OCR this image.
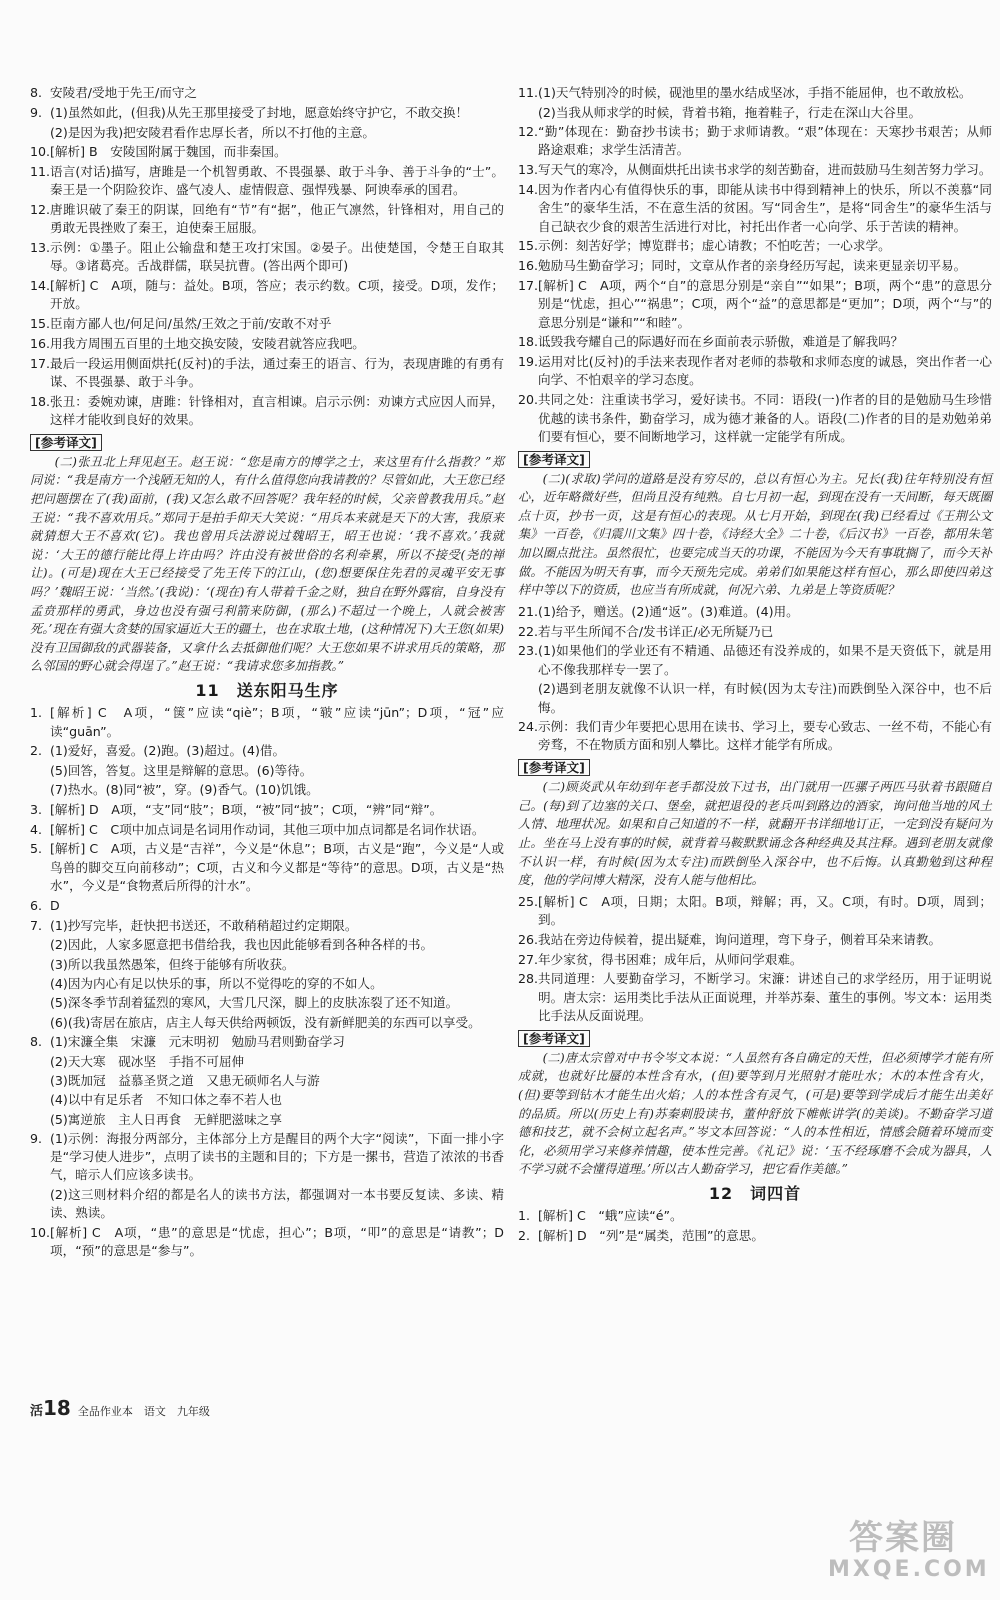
8. 安陵君/受地于先王/而守之
9. (1)虽然如此，(但我)从先王那里接受了封地，愿意始终守护它，不敢交换！
(2)是因为我)把安陵君看作忠厚长者，所以不打他的主意。
10. [解析] B　安陵国附属于魏国，而非秦国。
11. 语言(对话)描写，唐雎是一个机智勇敢、不畏强暴、敢于斗争、善于斗争的“士”。秦王是一个阴险狡诈、盛气凌人、虚情假意、强悍残暴、阿谀奉承的国君。
12. 唐雎识破了秦王的阴谋，回绝有“节”有“据”，他正气凛然，针锋相对，用自己的勇敢无畏挫败了秦王，迫使秦王屈服。
13. 示例：①墨子。阻止公输盘和楚王攻打宋国。②晏子。出使楚国，令楚王自取其辱。③诸葛亮。舌战群儒，联吴抗曹。(答出两个即可)
14. [解析] C　A项，随与：益处。B项，答应；表示约数。C项，接受。D项，发作；开放。
15. 臣南方鄙人也/何足问/虽然/王效之于前/安敢不对乎
16. 用我方周围五百里的土地交换安陵，安陵君就答应我吧。
17. 最后一段运用侧面烘托(反衬)的手法，通过秦王的语言、行为，表现唐雎的有勇有谋、不畏强暴、敢于斗争。
18. 张丑：委婉劝谏，唐雎：针锋相对，直言相谏。启示示例：劝谏方式应因人而异，这样才能收到良好的效果。
[参考译文]
(二)张丑北上拜见赵王。赵王说：“您是南方的博学之士，来这里有什么指教？”郑同说：“我是南方一个浅陋无知的人，有什么值得您向我请教的？尽管如此，大王您已经把问题摆在了(我)面前，(我)又怎么敢不回答呢？我年轻的时候，父亲曾教我用兵。”赵王说：“我不喜欢用兵。”郑同于是拍手仰天大笑说：“用兵本来就是天下的大害，我原来就猜想大王不喜欢(它)。我也曾用兵法游说过魏昭王，昭王也说：‘我不喜欢。’我就说：‘大王的德行能比得上许由吗？许由没有被世俗的名利牵累，所以不接受(尧的禅让)。(可是)现在大王已经接受了先王传下的江山，(您)想要保住先君的灵魂平安无事吗？’魏昭王说：‘当然。’(我说)：‘(现在)有人带着千金之财，独自在野外露宿，自身没有孟贲那样的勇武，身边也没有强弓利箭来防御，(那么)不超过一个晚上，人就会被害死。’现在有强大贪婪的国家逼近大王的疆土，也在求取土地，(这种情况下)大王您(如果)没有卫国御敌的武器装备，又拿什么去抵御他们呢？大王您如果不讲求用兵的策略，那么邻国的野心就会得逞了。”赵王说：“我请求您多加指教。”
11　送东阳马生序
1. [解析] C　A项，“箧”应读“qiè”；B项，“皲”应读“jūn”；D项，“冠”应读“guān”。
2. (1)爱好，喜爱。(2)跑。(3)超过。(4)借。
(5)回答，答复。这里是辩解的意思。(6)等待。
(7)热水。(8)同“被”，穿。(9)香气。(10)饥饿。
3. [解析] D　A项，“支”同“肢”；B项，“被”同“披”；C项，“辨”同“辩”。
4. [解析] C　C项中加点词是名词用作动词，其他三项中加点词都是名词作状语。
5. [解析] C　A项，古义是“吉祥”，今义是“休息”；B项，古义是“跑”，今义是“人或鸟兽的脚交互向前移动”；C项，古义和今义都是“等待”的意思。D项，古义是“热水”，今义是“食物煮后所得的汁水”。
6. D
7. (1)抄写完毕，赶快把书送还，不敢稍稍超过约定期限。
(2)因此，人家多愿意把书借给我，我也因此能够看到各种各样的书。
(3)所以我虽然愚笨，但终于能够有所收获。
(4)因为内心有足以快乐的事，所以不觉得吃的穿的不如人。
(5)深冬季节刮着猛烈的寒风，大雪几尺深，脚上的皮肤冻裂了还不知道。
(6)(我)寄居在旅店，店主人每天供给两顿饭，没有新鲜肥美的东西可以享受。
8. (1)宋濂全集　宋濂　元末明初　勉励马君则勤奋学习
(2)天大寒　砚冰坚　手指不可屈伸
(3)既加冠　益慕圣贤之道　又患无硕师名人与游
(4)以中有足乐者　不知口体之奉不若人也
(5)寓逆旅　主人日再食　无鲜肥滋味之享
9. (1)示例：海报分两部分，主体部分上方是醒目的两个大字“阅读”，下面一排小字是“学习使人进步”，点明了读书的主题和目的；下方是一摞书，营造了浓浓的书香气，暗示人们应该多读书。
(2)这三则材料介绍的都是名人的读书方法，都强调对一本书要反复读、多读、精读、熟读。
10. [解析] C　A项，“患”的意思是“忧虑，担心”；B项，“叩”的意思是“请教”；D项，“预”的意思是“参与”。
11. (1)天气特别冷的时候，砚池里的墨水结成坚冰，手指不能屈伸，也不敢放松。
(2)当我从师求学的时候，背着书箱，拖着鞋子，行走在深山大谷里。
12. “勤”体现在：勤奋抄书读书；勤于求师请教。“艰”体现在：天寒抄书艰苦；从师路途艰难；求学生活清苦。
13. 写天气的寒冷，从侧面烘托出读书求学的刻苦勤奋，进而鼓励马生刻苦努力学习。
14. 因为作者内心有值得快乐的事，即能从读书中得到精神上的快乐，所以不羡慕“同舍生”的豪华生活，不在意生活的贫困。写“同舍生”，是将“同舍生”的豪华生活与自己缺衣少食的艰苦生活进行对比，衬托出作者一心向学、乐于苦读的精神。
15. 示例：刻苦好学；博览群书；虚心请教；不怕吃苦；一心求学。
16. 勉励马生勤奋学习；同时，文章从作者的亲身经历写起，读来更显亲切平易。
17. [解析] C　A项，两个“自”的意思分别是“亲自”“如果”；B项，两个“患”的意思分别是“忧虑，担心”“祸患”；C项，两个“益”的意思都是“更加”；D项，两个“与”的意思分别是“谦和”“和睦”。
18. 诋毁我夸耀自己的际遇好而在乡面前表示骄傲，难道是了解我吗？
19. 运用对比(反衬)的手法来表现作者对老师的恭敬和求师态度的诚恳，突出作者一心向学、不怕艰辛的学习态度。
20. 共同之处：注重读书学习，爱好读书。不同：语段(一)作者的目的是勉励马生珍惜优越的读书条件，勤奋学习，成为德才兼备的人。语段(二)作者的目的是劝勉弟弟们要有恒心，要不间断地学习，这样就一定能学有所成。
[参考译文]
(二)(求取)学问的道路是没有穷尽的，总以有恒心为主。兄长(我)往年特别没有恒心，近年略微好些，但尚且没有纯熟。自七月初一起，到现在没有一天间断，每天既圈点十页，抄书一页，这是有恒心的表现。从七月开始，到现在(我)已经看过《王荆公文集》一百卷，《归震川文集》四十卷，《诗经大全》二十卷，《后汉书》一百卷，都用朱笔加以圈点批注。虽然很忙，也要完成当天的功课，不能因为今天有事耽搁了，而今天补做。不能因为明天有事，而今天预先完成。弟弟们如果能这样有恒心，那么即使四弟这样中等以下的资质，也应当有所成就，何况六弟、九弟是上等资质呢？
21. (1)给予，赠送。(2)通“返”。(3)难道。(4)用。
22. 若与平生所闻不合/发书详正/必无所疑乃已
23. (1)如果他们的学业还有不精通、品德还有没养成的，如果不是天资低下，就是用心不像我那样专一罢了。
(2)遇到老朋友就像不认识一样，有时候(因为太专注)而跌倒坠入深谷中，也不后悔。
24. 示例：我们青少年要把心思用在读书、学习上，要专心致志、一丝不苟，不能心有旁骛，不在物质方面和别人攀比。这样才能学有所成。
[参考译文]
(二)顾炎武从年幼到年老手都没放下过书，出门就用一匹骡子两匹马驮着书跟随自己。(每)到了边塞的关口、堡垒，就把退役的老兵叫到路边的酒家，询问他当地的风土人情、地理状况。如果和自己知道的不一样，就翻开书详细地订正，一定到没有疑问为止。坐在马上没有事的时候，就背着马鞍默默诵念各种经典及其注释。遇到老朋友就像不认识一样，有时候(因为太专注)而跌倒坠入深谷中，也不后悔。认真勤勉到这种程度，他的学问博大精深，没有人能与他相比。
25. [解析] C　A项，日期；太阳。B项，辩解；再，又。C项，有时。D项，周到；到。
26. 我站在旁边侍候着，提出疑难，询问道理，弯下身子，侧着耳朵来请教。
27. 年少家贫，得书困难；成年后，从师问学艰难。
28. 共同道理：人要勤奋学习，不断学习。宋濂：讲述自己的求学经历，用于证明说明。唐太宗：运用类比手法从正面说理，并举苏秦、董生的事例。岑文本：运用类比手法从反面说理。
[参考译文]
(二)唐太宗曾对中书令岑文本说：“人虽然有各自确定的天性，但必须博学才能有所成就，也就好比蜃的本性含有水，(但)要等到月光照射才能吐水；木的本性含有火，(但)要等到钻木才能生出火焰；人的本性含有灵气，(可是)要等到学成后才能生出美好的品质。所以(历史上有)苏秦刺股读书，董仲舒放下帷帐讲学(的美谈)。不勤奋学习道德和技艺，就不会树立起名声。”岑文本回答说：“人的本性相近，情感会随着环境而变化，必须用学习来修养情趣，使本性完善。《礼记》说：‘玉不经琢磨不会成为器具，人不学习就不会懂得道理。’所以古人勤奋学习，把它看作美德。”
12　词四首
1. [解析] C　“蛾”应读“é”。
2. [解析] D　“列”是“属类，范围”的意思。
活18 全品作业本　语文　九年级
答案圈
MXQE.COM
